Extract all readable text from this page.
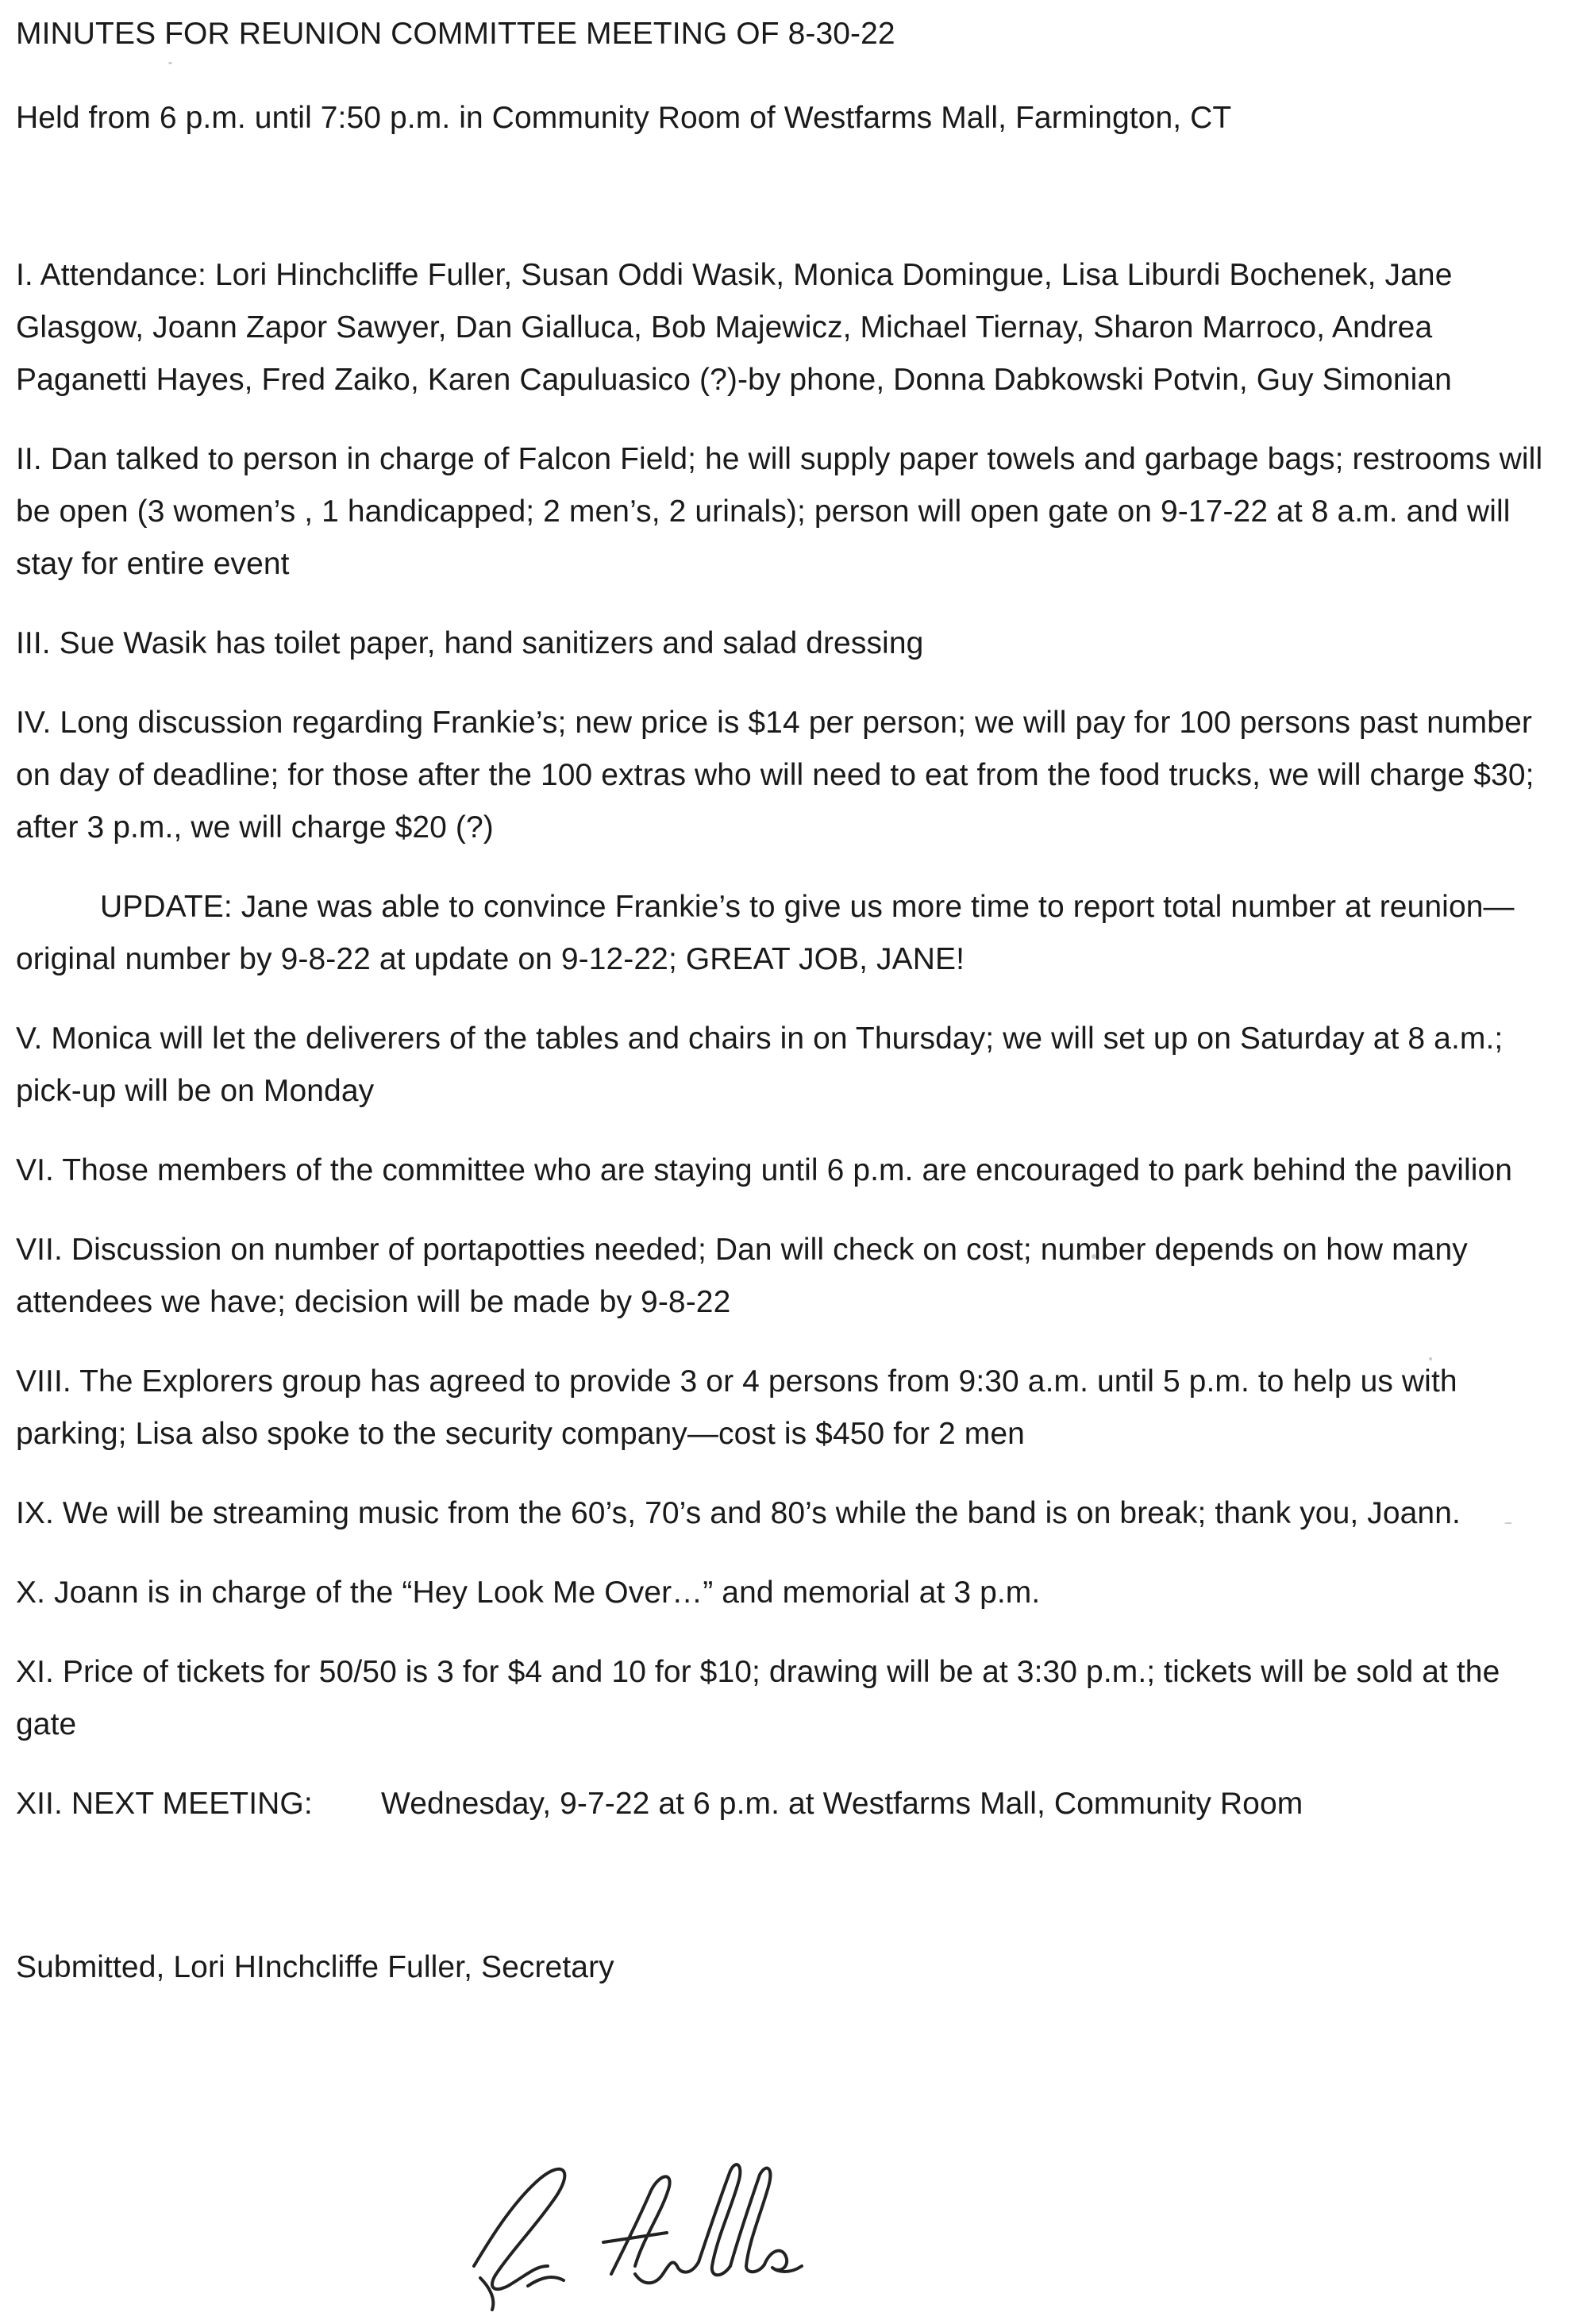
MINUTES FOR REUNION COMMITTEE MEETING OF 8-30-22

Held from 6 p.m. until 7:50 p.m. in Community Room of Westfarms Mall, Farmington, CT

I. Attendance: Lori Hinchcliffe Fuller, Susan Oddi Wasik, Monica Domingue, Lisa Liburdi Bochenek, Jane Glasgow, Joann Zapor Sawyer, Dan Gialluca, Bob Majewicz, Michael Tiernay, Sharon Marroco, Andrea Paganetti Hayes, Fred Zaiko, Karen Capuluasico (?)-by phone, Donna Dabkowski Potvin, Guy Simonian

II. Dan talked to person in charge of Falcon Field; he will supply paper towels and garbage bags; restrooms will be open (3 women’s , 1 handicapped; 2 men’s, 2 urinals); person will open gate on 9-17-22 at 8 a.m. and will stay for entire event

III. Sue Wasik has toilet paper, hand sanitizers and salad dressing

IV. Long discussion regarding Frankie’s; new price is $14 per person; we will pay for 100 persons past number on day of deadline; for those after the 100 extras who will need to eat from the food trucks, we will charge $30; after 3 p.m., we will charge $20 (?)

UPDATE: Jane was able to convince Frankie’s to give us more time to report total number at reunion—original number by 9-8-22 at update on 9-12-22; GREAT JOB, JANE!

V. Monica will let the deliverers of the tables and chairs in on Thursday; we will set up on Saturday at 8 a.m.; pick-up will be on Monday

VI. Those members of the committee who are staying until 6 p.m. are encouraged to park behind the pavilion

VII. Discussion on number of portapotties needed; Dan will check on cost; number depends on how many attendees we have; decision will be made by 9-8-22

VIII. The Explorers group has agreed to provide 3 or 4 persons from 9:30 a.m. until 5 p.m. to help us with parking; Lisa also spoke to the security company—cost is $450 for 2 men

IX. We will be streaming music from the 60’s, 70’s and 80’s while the band is on break; thank you, Joann.

X. Joann is in charge of the “Hey Look Me Over…” and memorial at 3 p.m.

XI. Price of tickets for 50/50 is 3 for $4 and 10 for $10; drawing will be at 3:30 p.m.; tickets will be sold at the gate

XII. NEXT MEETING: Wednesday, 9-7-22 at 6 p.m. at Westfarms Mall, Community Room

Submitted, Lori HInchcliffe Fuller, Secretary
